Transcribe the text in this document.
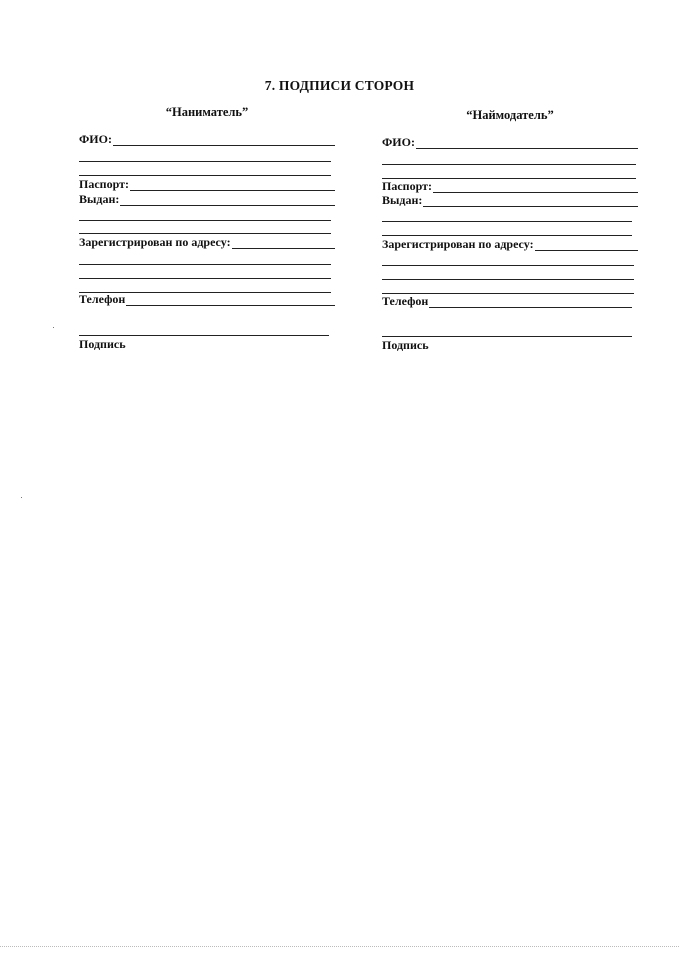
7. ПОДПИСИ СТОРОН
“Наниматель”
ФИО:
Паспорт:
Выдан:
Зарегистрирован по адресу:
Телефон
Подпись
“Наймодатель”
ФИО:
Паспорт:
Выдан:
Зарегистрирован по адресу:
Телефон
Подпись
